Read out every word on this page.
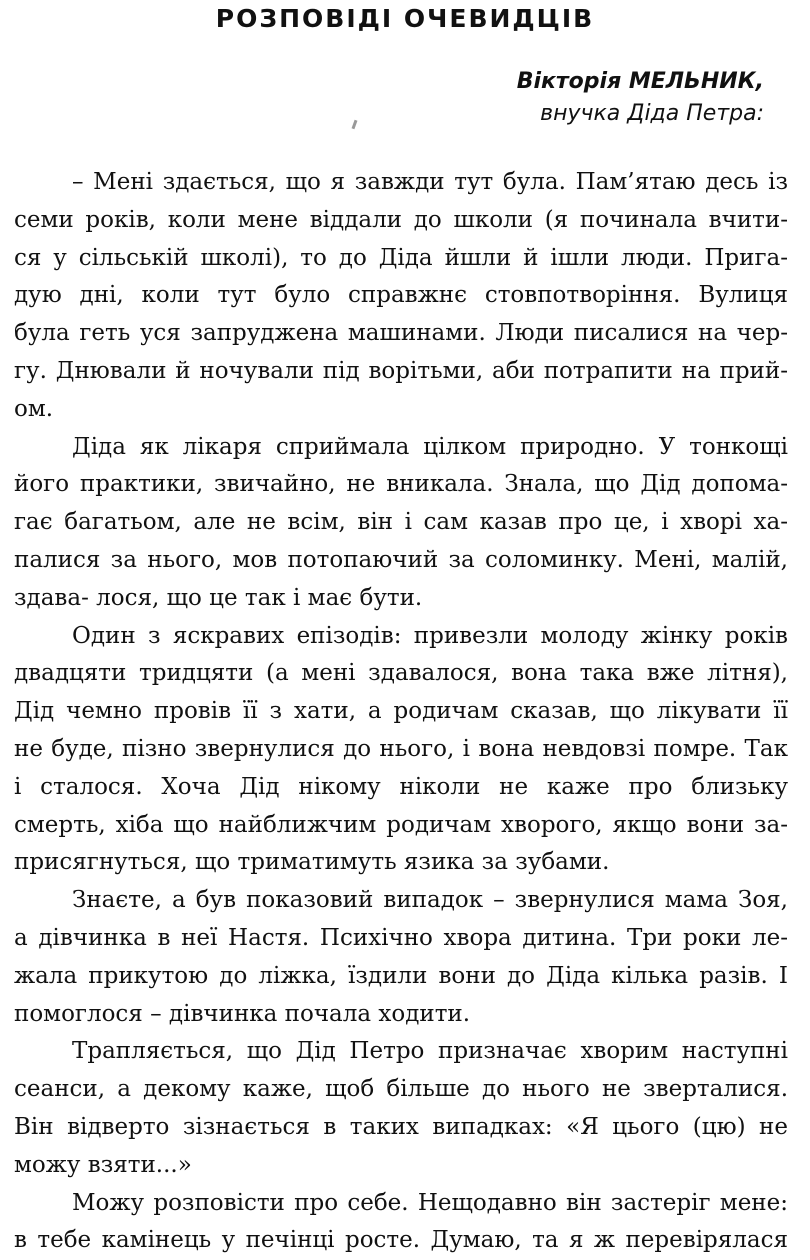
РОЗПОВІДІ ОЧЕВИДЦІВ
Вікторія МЕЛЬНИК,
внучка Діда Петра:
– Мені здається, що я завжди тут була. Пам’ятаю десь із
семи років, коли мене віддали до школи (я починала вчити-
ся у сільській школі), то до Діда йшли й ішли люди. Прига-
дую дні, коли тут було справжнє стовпотворіння. Вулиця
була геть уся запруджена машинами. Люди писалися на чер-
гу. Днювали й ночували під ворітьми, аби потрапити на прий-
ом.
Діда як лікаря сприймала цілком природно. У тонкощі
його практики, звичайно, не вникала. Знала, що Дід допома-
гає багатьом, але не всім, він і сам казав про це, і хворі ха-
палися за нього, мов потопаючий за соломинку. Мені, малій,
здава- лося, що це так і має бути.
Один з яскравих епізодів: привезли молоду жінку років
двадцяти тридцяти (а мені здавалося, вона така вже літня),
Дід чемно провів її з хати, а родичам сказав, що лікувати її
не буде, пізно звернулися до нього, і вона невдовзі помре. Так
і сталося. Хоча Дід нікому ніколи не каже про близьку
смерть, хіба що найближчим родичам хворого, якщо вони за-
присягнуться, що триматимуть язика за зубами.
Знаєте, а був показовий випадок – звернулися мама Зоя,
а дівчинка в неї Настя. Психічно хвора дитина. Три роки ле-
жала прикутою до ліжка, їздили вони до Діда кілька разів. І
помоглося – дівчинка почала ходити.
Трапляється, що Дід Петро призначає хворим наступні
сеанси, а декому каже, щоб більше до нього не зверталися.
Він відверто зізнається в таких випадках: «Я цього (цю) не
можу взяти...»
Можу розповісти про себе. Нещодавно він застеріг мене:
в тебе камінець у печінці росте. Думаю, та я ж перевірялася
